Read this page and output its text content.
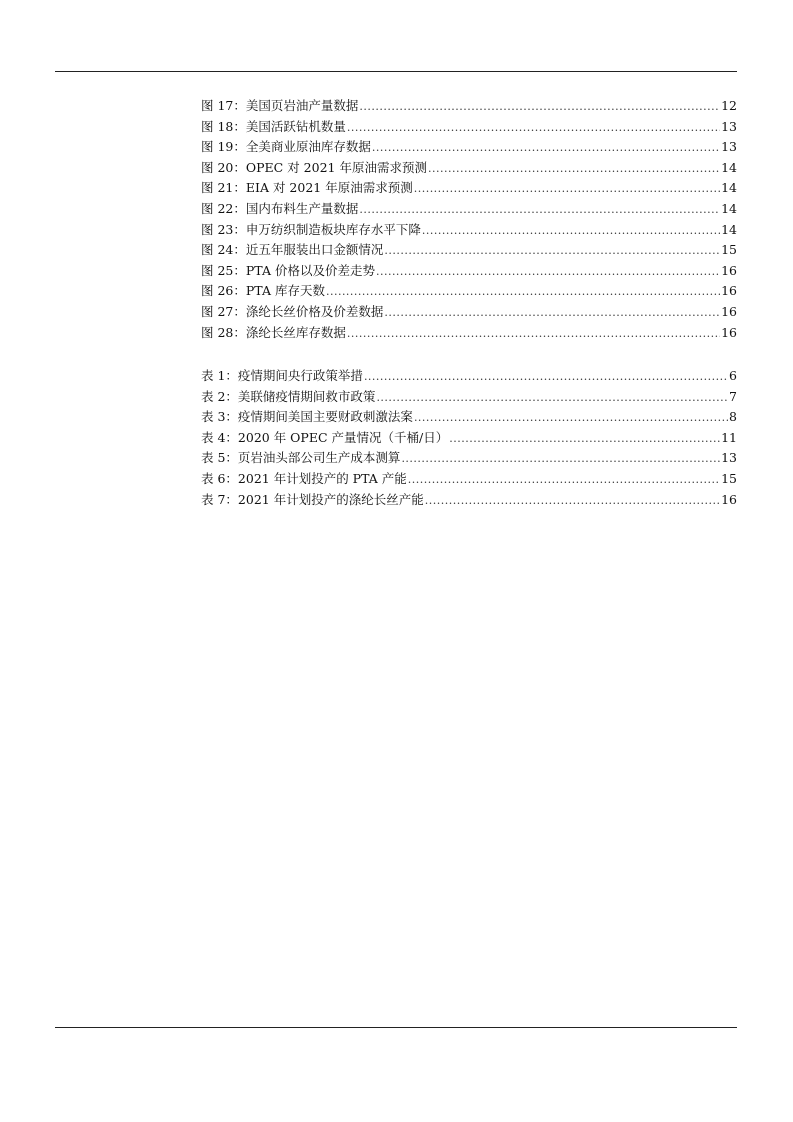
图 17：美国页岩油产量数据 .....	12
图 18：美国活跃钻机数量 .....	13
图 19：全美商业原油库存数据 .....	13
图 20：OPEC 对 2021 年原油需求预测 .....	14
图 21：EIA 对 2021 年原油需求预测 .....	14
图 22：国内布料生产量数据 .....	14
图 23：申万纺织制造板块库存水平下降 .....	14
图 24：近五年服装出口金额情况 .....	15
图 25：PTA 价格以及价差走势 .....	16
图 26：PTA 库存天数 .....	16
图 27：涤纶长丝价格及价差数据 .....	16
图 28：涤纶长丝库存数据 .....	16
表 1：疫情期间央行政策举措 .....	6
表 2：美联储疫情期间救市政策 .....	7
表 3：疫情期间美国主要财政刺激法案 .....	8
表 4：2020 年 OPEC 产量情况（千桶/日） .....	11
表 5：页岩油头部公司生产成本测算 .....	13
表 6：2021 年计划投产的 PTA 产能 .....	15
表 7：2021 年计划投产的涤纶长丝产能 .....	16
